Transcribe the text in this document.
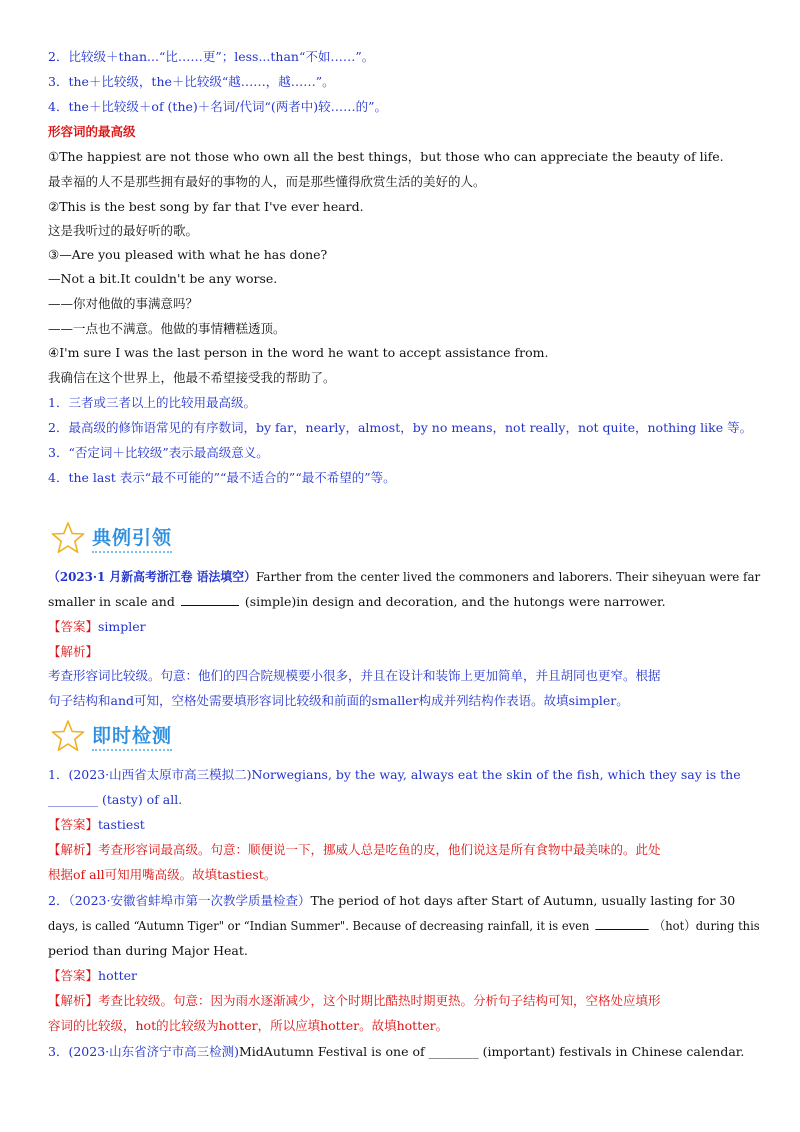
2．比较级＋than...“比……更”；less...than“不如……”。
3．the＋比较级，the＋比较级“越……，越……”。
4．the＋比较级＋of (the)＋名词/代词“(两者中)较……的”。
形容词的最高级
①The happiest are not those who own all the best things，but those who can appreciate the beauty of life.
最幸福的人不是那些拥有最好的事物的人，而是那些懂得欣赏生活的美好的人。
②This is the best song by far that I've ever heard.
这是我听过的最好听的歌。
③—Are you pleased with what he has done?
—Not a bit.It couldn't be any worse.
——你对他做的事满意吗？
——一点也不满意。他做的事情糟糕透顶。
④I'm sure I was the last person in the word he want to accept assistance from.
我确信在这个世界上，他最不希望接受我的帮助了。
1．三者或三者以上的比较用最高级。
2．最高级的修饰语常见的有序数词，by far，nearly，almost，by no means，not really，not quite，nothing like 等。
3．“否定词＋比较级”表示最高级意义。
4．the last 表示“最不可能的”“最不适合的”“最不希望的”等。
典例引领
（2023·1 月新高考浙江卷 语法填空）Farther from the center lived the commoners and laborers. Their siheyuan were far
smaller in scale and	(simple)in design and decoration, and the hutongs were narrower.
【答案】simpler
【解析】
考查形容词比较级。句意：他们的四合院规模要小很多，并且在设计和装饰上更加简单，并且胡同也更窄。根据
句子结构和and可知，空格处需要填形容词比较级和前面的smaller构成并列结构作表语。故填simpler。
即时检测
1．(2023·山西省太原市高三模拟二)Norwegians, by the way, always eat the skin of the fish, which they say is the
________ (tasty) of all.
【答案】tastiest
【解析】考查形容词最高级。句意：顺便说一下，挪威人总是吃鱼的皮，他们说这是所有食物中最美味的。此处
根据of all可知用嘴高级。故填tastiest。
2．（2023·安徽省蚌埠市第一次教学质量检查）The period of hot days after Start of Autumn, usually lasting for 30
days, is called “Autumn Tiger" or “Indian Summer". Because of decreasing rainfall, it is even	（hot）during this
period than during Major Heat.
【答案】hotter
【解析】考查比较级。句意：因为雨水逐渐减少，这个时期比酷热时期更热。分析句子结构可知，空格处应填形
容词的比较级，hot的比较级为hotter，所以应填hotter。故填hotter。
3．(2023·山东省济宁市高三检测)MidAutumn Festival is one of ________ (important) festivals in Chinese calendar.
